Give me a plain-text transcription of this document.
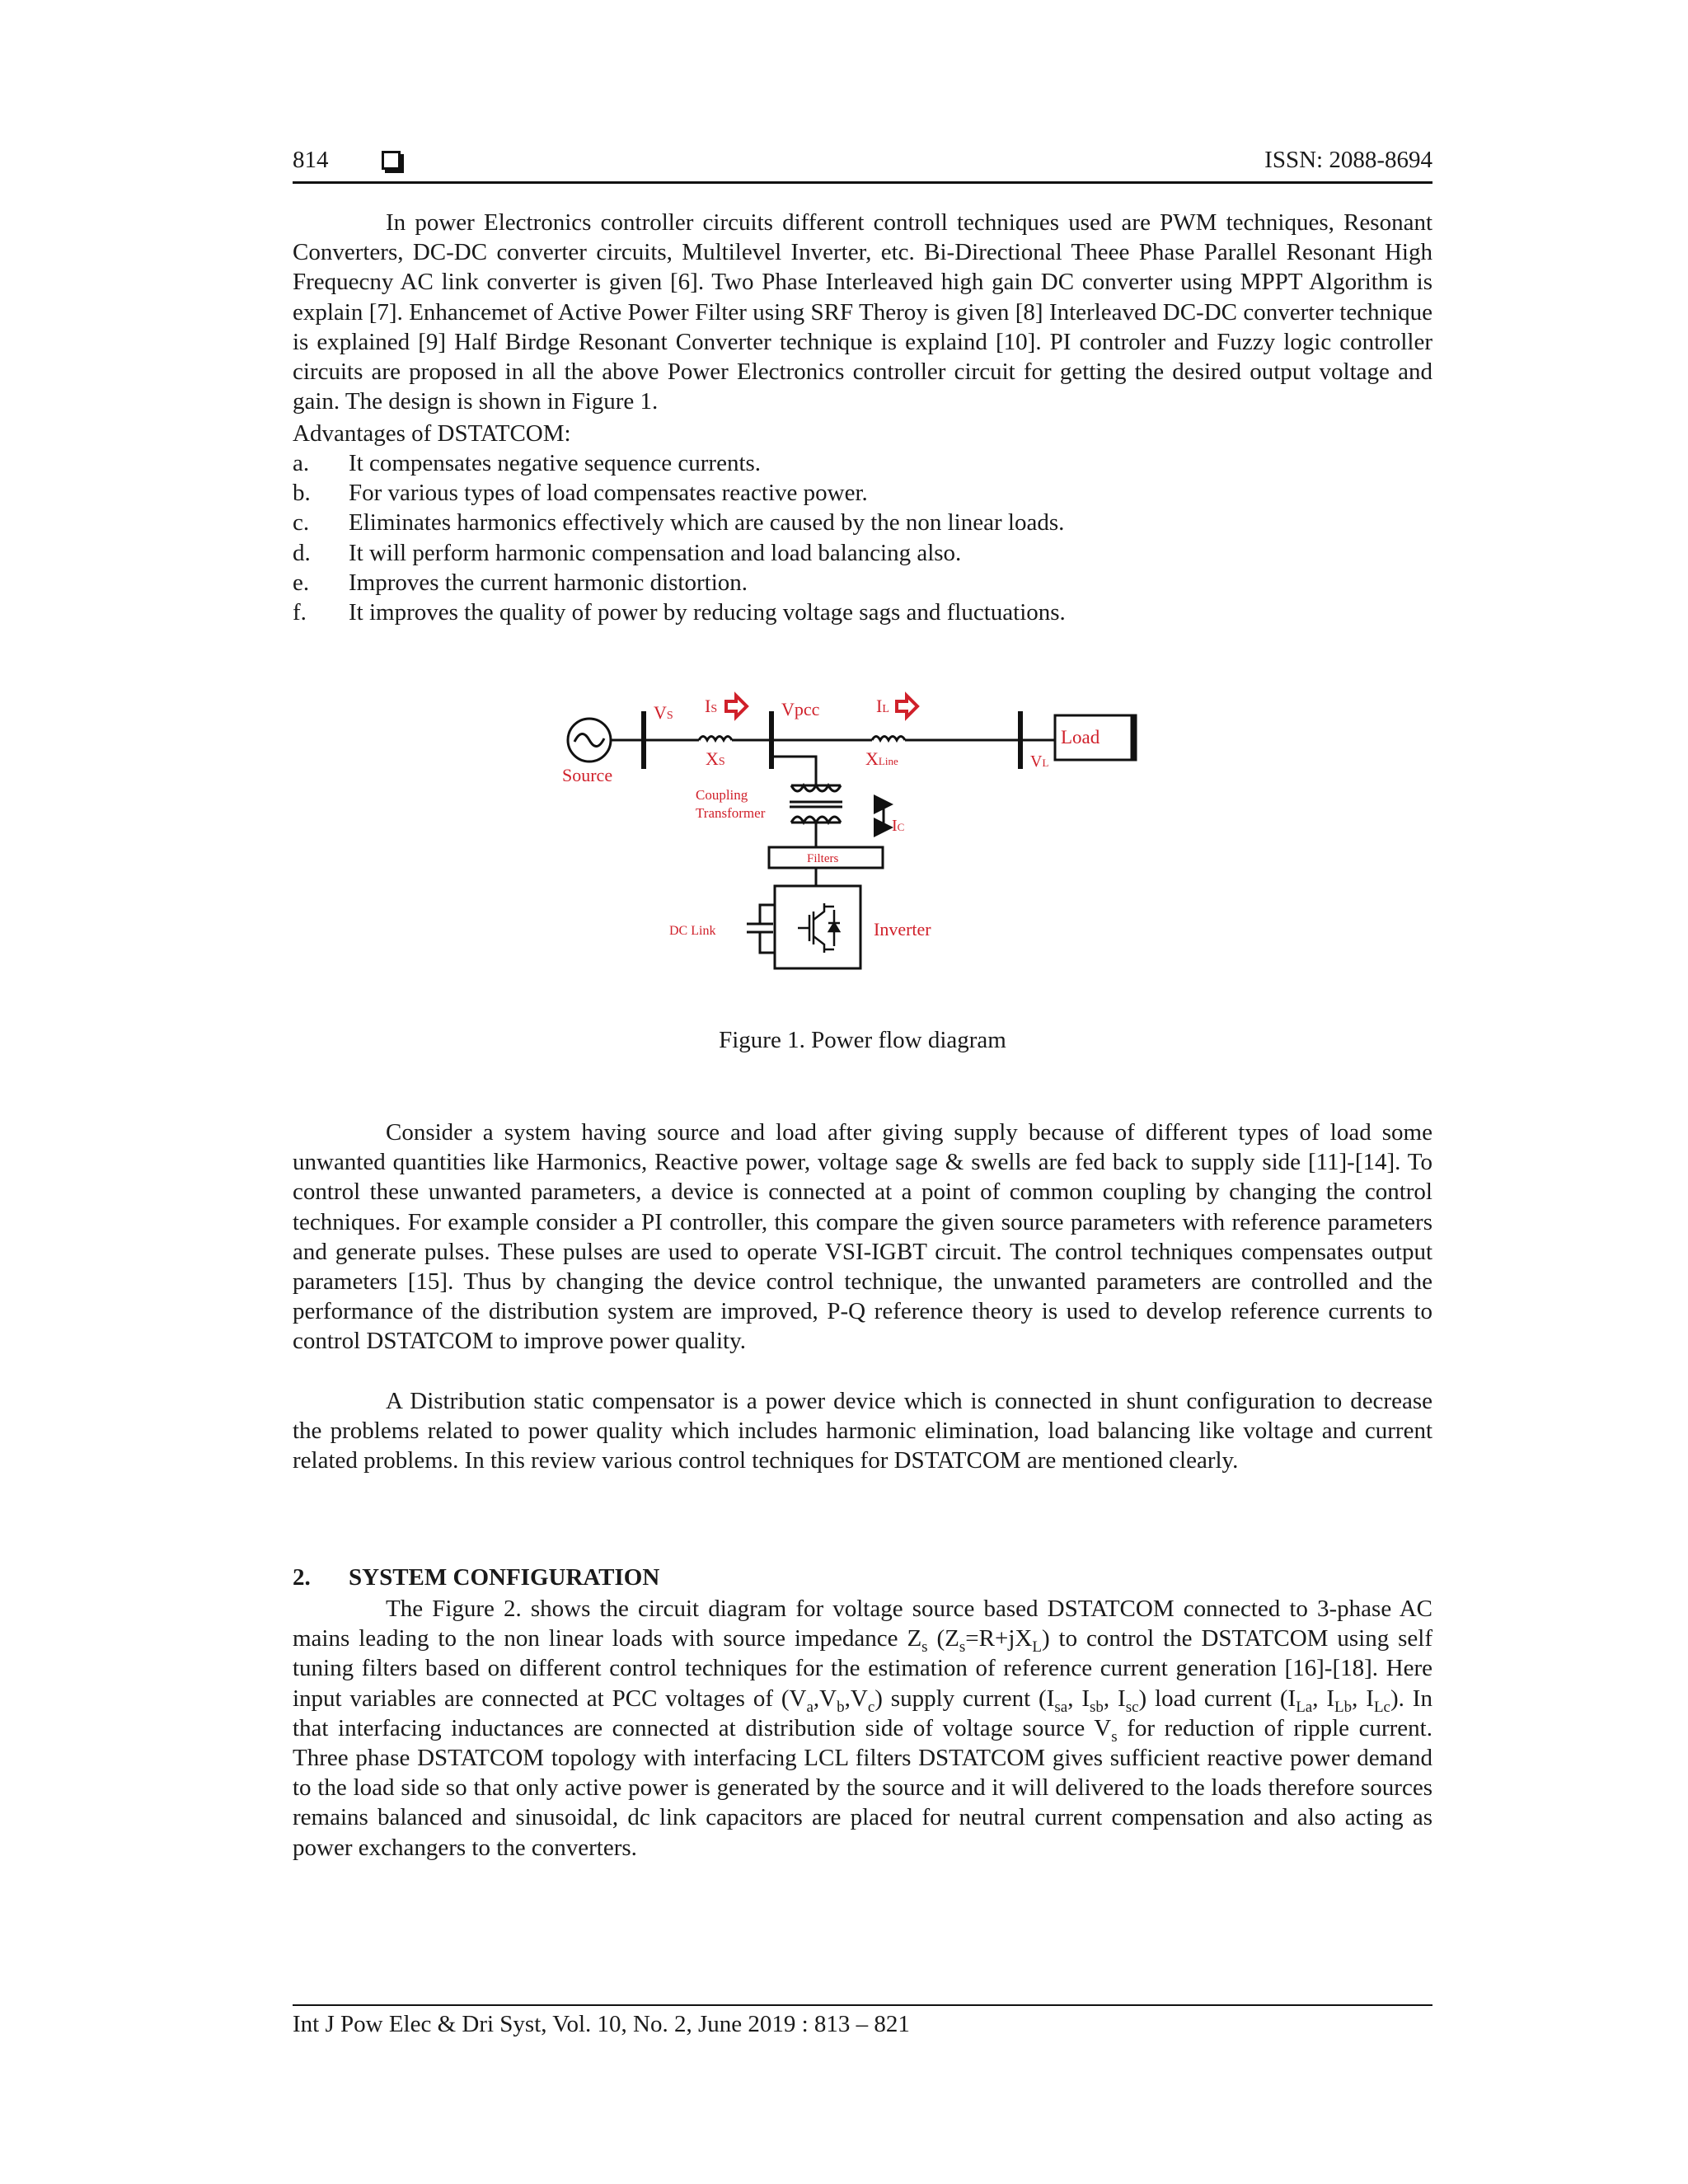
814	ISSN: 2088-8694

In power Electronics controller circuits different controll techniques used are PWM techniques, Resonant Converters, DC-DC converter circuits, Multilevel Inverter, etc. Bi-Directional Theee Phase Parallel Resonant High Frequecny AC link converter is given [6]. Two Phase Interleaved high gain DC converter using MPPT Algorithm is explain [7]. Enhancemet of Active Power Filter using SRF Theroy is given [8] Interleaved DC-DC converter technique is explained [9] Half Birdge Resonant Converter technique is explaind [10]. PI controler and Fuzzy logic controller circuits are proposed in all the above Power Electronics controller circuit for getting the desired output voltage and gain. The design is shown in Figure 1.

Advantages of DSTATCOM:
a.	It compensates negative sequence currents.
b.	For various types of load compensates reactive power.
c.	Eliminates harmonics effectively which are caused by the non linear loads.
d.	It will perform harmonic compensation and load balancing also.
e.	Improves the current harmonic distortion.
f.	It improves the quality of power by reducing voltage sags and fluctuations.
Source
VS IS
XS
Vpcc	IL
XLine	VL
Load
Coupling
Transformer
IC
Filters
Inverter
DC Link
Figure 1. Power flow diagram

Consider a system having source and load after giving supply because of different types of load some unwanted quantities like Harmonics, Reactive power, voltage sage & swells are fed back to supply side [11]-[14]. To control these unwanted parameters, a device is connected at a point of common coupling by changing the control techniques. For example consider a PI controller, this compare the given source parameters with reference parameters and generate pulses. These pulses are used to operate VSI-IGBT circuit. The control techniques compensates output parameters [15]. Thus by changing the device control technique, the unwanted parameters are controlled and the performance of the distribution system are improved, P-Q reference theory is used to develop reference currents to control DSTATCOM to improve power quality.

A Distribution static compensator is a power device which is connected in shunt configuration to decrease the problems related to power quality which includes harmonic elimination, load balancing like voltage and current related problems. In this review various control techniques for DSTATCOM are mentioned clearly.

2. SYSTEM CONFIGURATION

The Figure 2. shows the circuit diagram for voltage source based DSTATCOM connected to 3-phase AC mains leading to the non linear loads with source impedance $Z_s$ $(Z_s=R+jX_L)$ to control the DSTATCOM using self tuning filters based on different control techniques for the estimation of reference current generation [16]-[18]. Here input variables are connected at PCC voltages of $(V_a,V_b,V_c)$ supply current ($I_{sa}$, $I_{sb}$, $I_{sc}$) load current ($I_{La}$, $I_{Lb}$, $I_{Lc}$). In that interfacing inductances are connected at distribution side of voltage source $V_s$ for reduction of ripple current. Three phase DSTATCOM topology with interfacing LCL filters DSTATCOM gives sufficient reactive power demand to the load side so that only active power is generated by the source and it will delivered to the loads therefore sources remains balanced and sinusoidal, dc link capacitors are placed for neutral current compensation and also acting as power exchangers to the converters.

Int J Pow Elec & Dri Syst, Vol. 10, No. 2, June 2019 : 813 – 821
